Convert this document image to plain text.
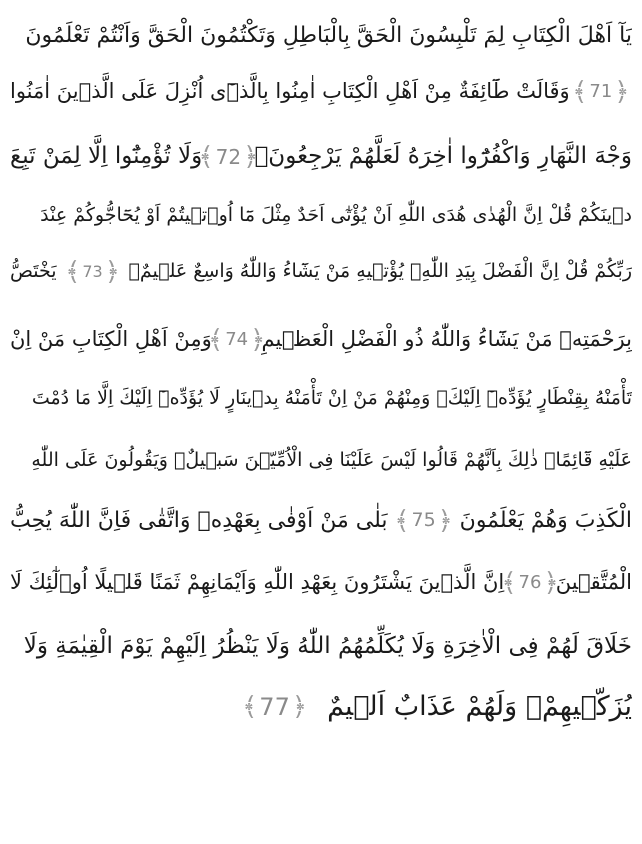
يَآ اَهْلَ الْكِتَابِ لِمَ تَلْبِسُونَ الْحَقَّ بِالْبَاطِلِ وَتَكْتُمُونَ الْحَقَّ وَاَنْتُمْ تَعْلَمُونَ
﴾ 71 ﴿
وَقَالَتْ طَٓائِفَةٌ مِنْ اَهْلِ الْكِتَابِ اٰمِنُوا بِالَّذ۪ٓى اُنْزِلَ عَلَى الَّذ۪ينَ اٰمَنُوا
وَجْهَ النَّهَارِ وَاكْفُرُٓوا اٰخِرَهُ لَعَلَّهُمْ يَرْجِعُونَۚ
﴾ 72 ﴿
وَلَا تُؤْمِنُٓوا اِلَّا لِمَنْ تَبِعَ
د۪ينَكُمْ قُلْ اِنَّ الْهُدٰى هُدَى اللّٰهِ اَنْ يُؤْتٰٓى اَحَدٌ مِثْلَ مَٓا اُو۫ت۪يتُمْ اَوْ يُحَٓاجُّوكُمْ عِنْدَ
رَبِّكُمْ قُلْ اِنَّ الْفَضْلَ بِيَدِ اللّٰهِۚ يُؤْت۪يهِ مَنْ يَشَٓاءُ وَاللّٰهُ وَاسِعٌ عَل۪يمٌۚ
﴾ 73 ﴿
يَخْتَصُّ
بِرَحْمَتِه۪ مَنْ يَشَٓاءُ وَاللّٰهُ ذُو الْفَضْلِ الْعَظ۪يمِ
﴾ 74 ﴿
وَمِنْ اَهْلِ الْكِتَابِ مَنْ اِنْ
تَأْمَنْهُ بِقِنْطَارٍ يُؤَدِّه۪ٓ اِلَيْكَۚ وَمِنْهُمْ مَنْ اِنْ تَأْمَنْهُ بِد۪ينَارٍ لَا يُؤَدِّه۪ٓ اِلَيْكَ اِلَّا مَا دُمْتَ
عَلَيْهِ قَٓائِمًاۜ ذٰلِكَ بِاَنَّهُمْ قَالُوا لَيْسَ عَلَيْنَا فِى الْاُمِّيّ۪نَ سَب۪يلٌۚ وَيَقُولُونَ عَلَى اللّٰهِ
الْكَذِبَ وَهُمْ يَعْلَمُونَ
﴾ 75 ﴿
بَلٰى مَنْ اَوْفٰى بِعَهْدِه۪ وَاتَّقٰى فَاِنَّ اللّٰهَ يُحِبُّ
الْمُتَّق۪ينَ
﴾ 76 ﴿
اِنَّ الَّذ۪ينَ يَشْتَرُونَ بِعَهْدِ اللّٰهِ وَاَيْمَانِهِمْ ثَمَنًا قَل۪يلًا اُو۬لٰٓئِكَ لَا
خَلَاقَ لَهُمْ فِى الْاٰخِرَةِ وَلَا يُكَلِّمُهُمُ اللّٰهُ وَلَا يَنْظُرُ اِلَيْهِمْ يَوْمَ الْقِيٰمَةِ وَلَا
يُزَكّ۪يهِمْۖ وَلَهُمْ عَذَابٌ اَل۪يمٌ
﴾ 77 ﴿
